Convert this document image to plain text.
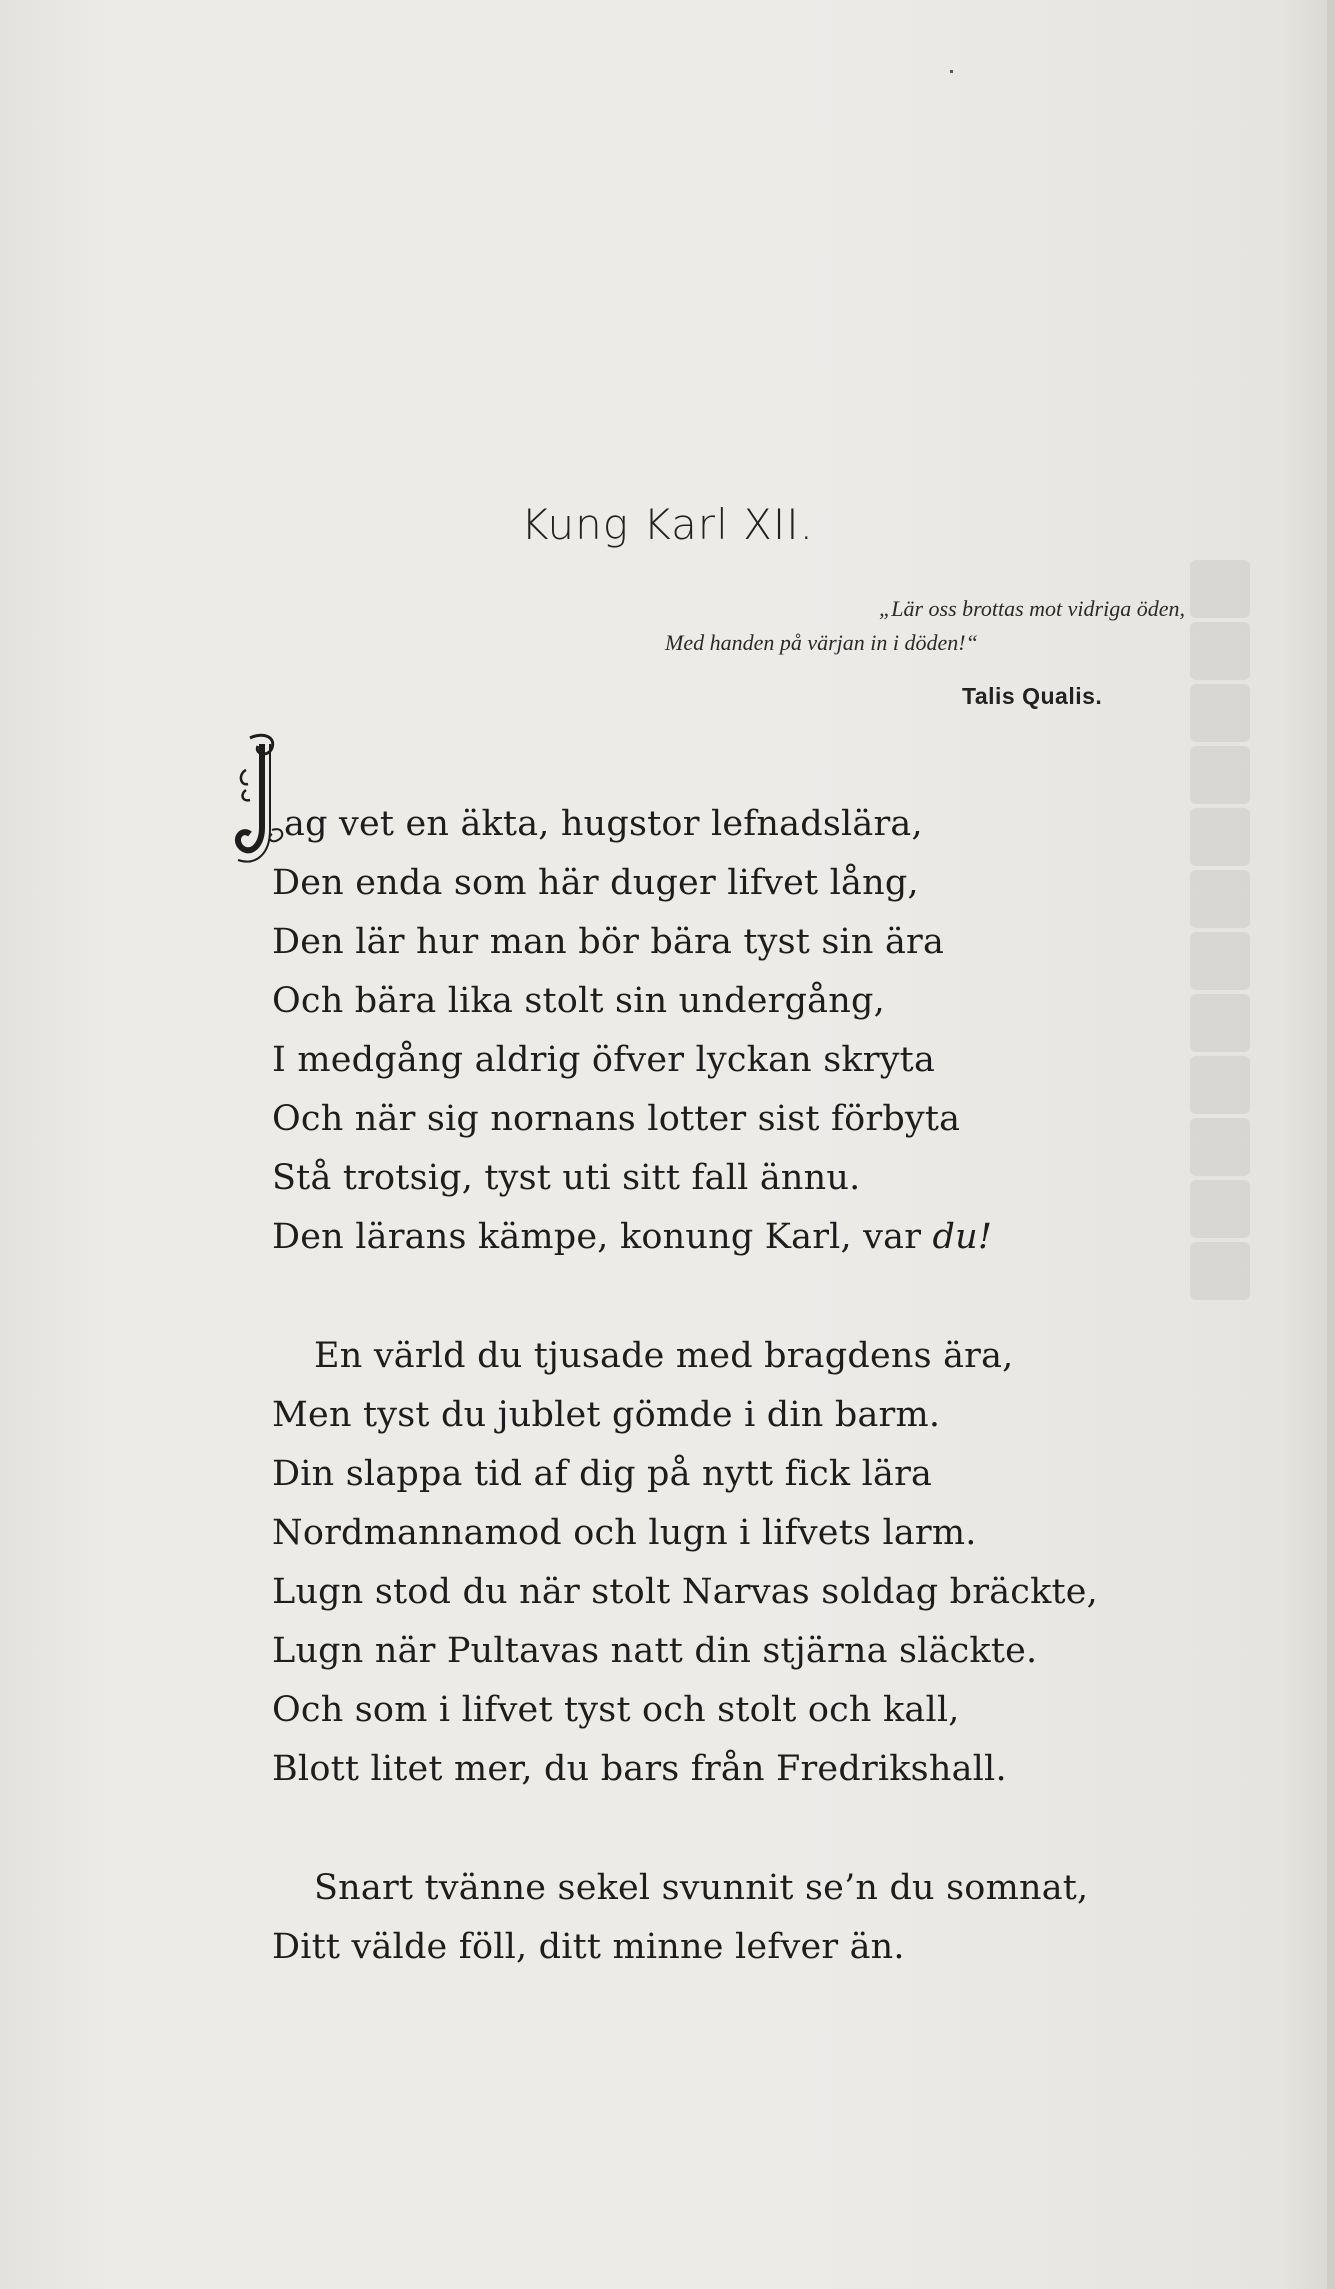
Kung Karl XII.
„Lär oss brottas mot vidriga öden,
Med handen på värjan in i döden!“
Talis Qualis.
J
ag vet en äkta, hugstor lefnadslära,
Den enda som här duger lifvet lång,
Den lär hur man bör bära tyst sin ära
Och bära lika stolt sin undergång,
I medgång aldrig öfver lyckan skryta
Och när sig nornans lotter sist förbyta
Stå trotsig, tyst uti sitt fall ännu.
Den lärans kämpe, konung Karl, var du!
En värld du tjusade med bragdens ära,
Men tyst du jublet gömde i din barm.
Din slappa tid af dig på nytt fick lära
Nordmannamod och lugn i lifvets larm.
Lugn stod du när stolt Narvas soldag bräckte,
Lugn när Pultavas natt din stjärna släckte.
Och som i lifvet tyst och stolt och kall,
Blott litet mer, du bars från Fredrikshall.
Snart tvänne sekel svunnit se’n du somnat,
Ditt välde föll, ditt minne lefver än.
